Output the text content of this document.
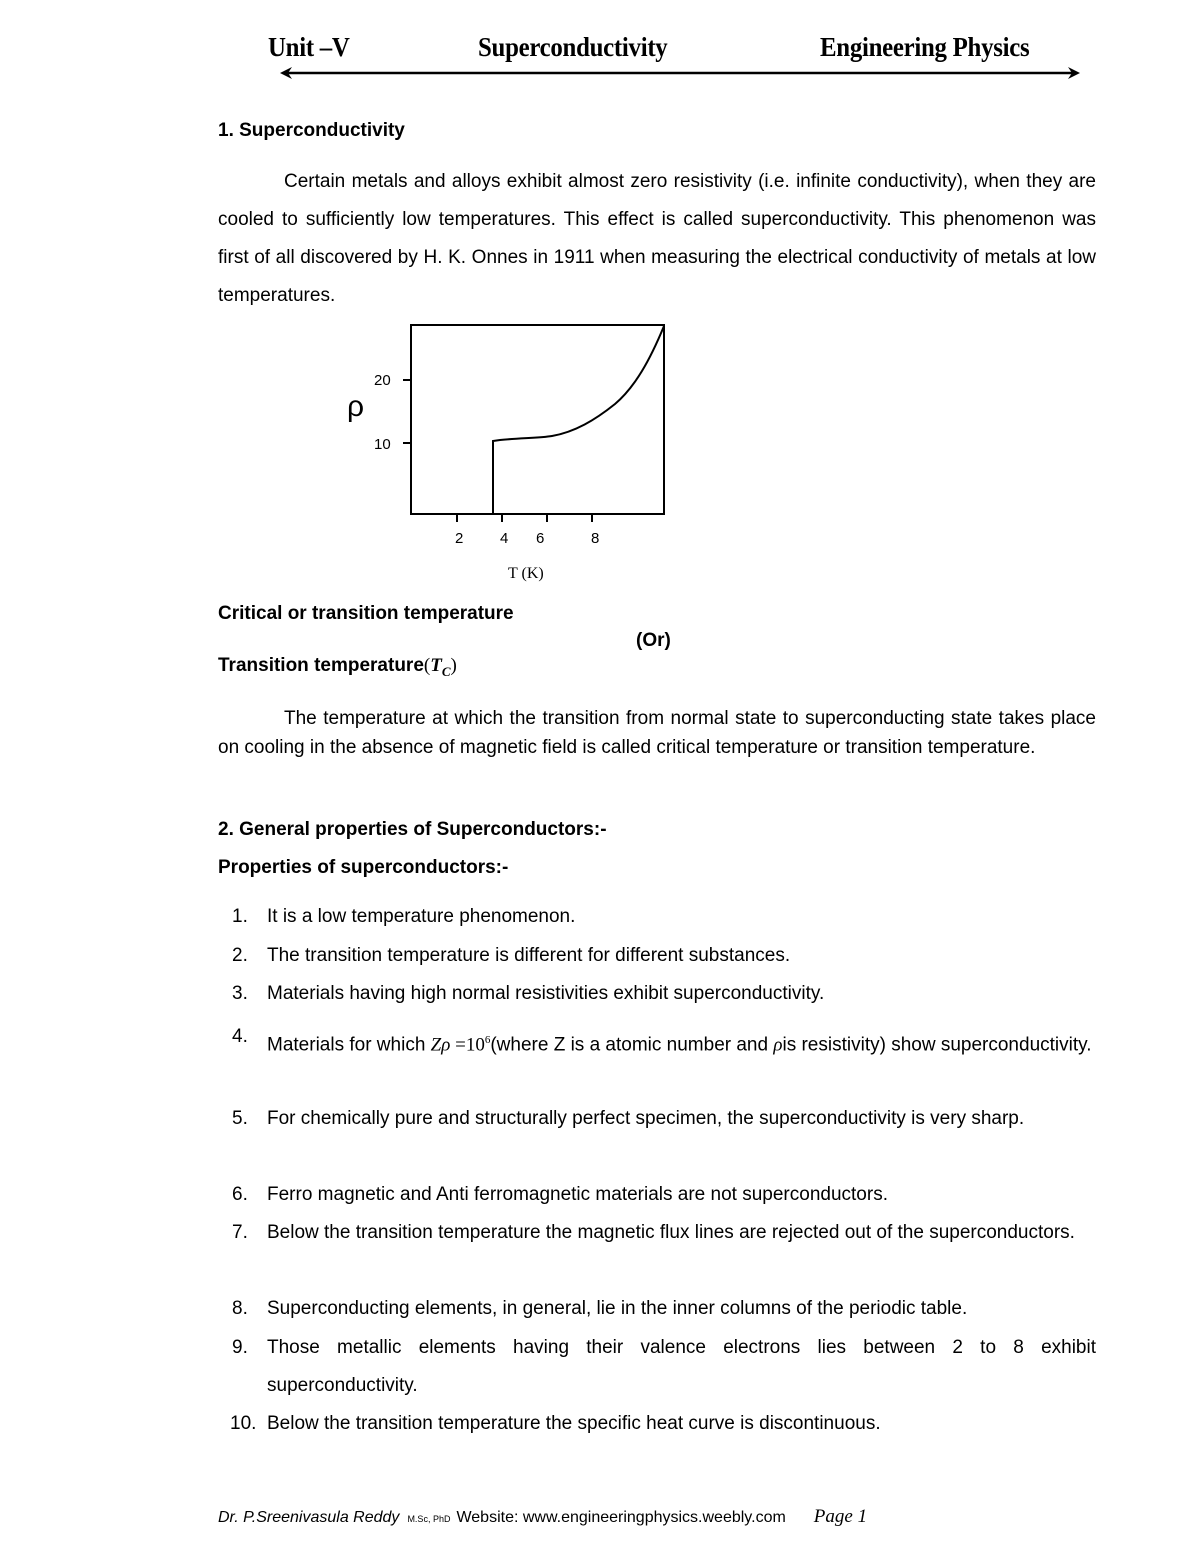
Unit –V	Superconductivity	Engineering Physics
1. Superconductivity
Certain metals and alloys exhibit almost zero resistivity (i.e. infinite conductivity), when they are cooled to sufficiently low temperatures. This effect is called superconductivity. This phenomenon was first of all discovered by H. K. Onnes in 1911 when measuring the electrical conductivity of metals at low temperatures.
ρ
20
10
2 4 6	8
T (K)
Critical or transition temperature
(Or)
Transition $temperature(T_C)$
The temperature at which the transition from normal state to superconducting state takes place on cooling in the absence of magnetic field is called critical temperature or transition temperature.
2. General properties of Superconductors:-
Properties of superconductors:-
1. It is a low temperature phenomenon.
2. The transition temperature is different for different substances.
3. Materials having high normal resistivities exhibit superconductivity.
4. Materials for which $Z\rho =10^6(where$ Z is a atomic number and ρis resistivity) show superconductivity.
5. For chemically pure and structurally perfect specimen, the superconductivity is very sharp.
6. Ferro magnetic and Anti ferromagnetic materials are not superconductors.
7. Below the transition temperature the magnetic flux lines are rejected out of the superconductors.
8. Superconducting elements, in general, lie in the inner columns of the periodic table.
9. Those metallic elements having their valence electrons lies between 2 to 8 exhibit superconductivity.
10. Below the transition temperature the specific heat curve is discontinuous.
Dr. P.Sreenivasula Reddy M.Sc, PhD Website: www.engineeringphysics.weebly.com Page 1
